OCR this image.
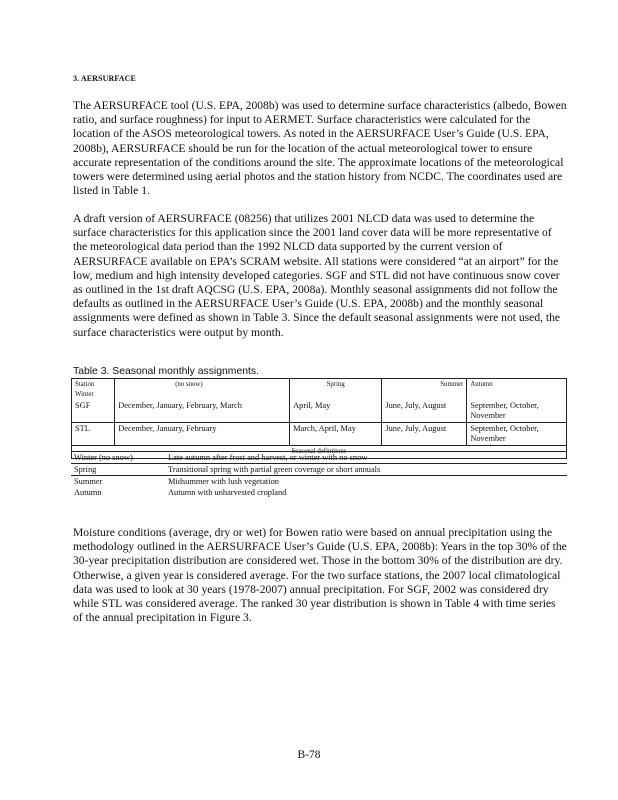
3. AERSURFACE

The AERSURFACE tool (U.S. EPA, 2008b) was used to determine surface characteristics (albedo, Bowen ratio, and surface roughness) for input to AERMET. Surface characteristics were calculated for the location of the ASOS meteorological towers. As noted in the AERSURFACE User’s Guide (U.S. EPA, 2008b), AERSURFACE should be run for the location of the actual meteorological tower to ensure accurate representation of the conditions around the site. The approximate locations of the meteorological towers were determined using aerial photos and the station history from NCDC. The coordinates used are listed in Table 1.

A draft version of AERSURFACE (08256) that utilizes 2001 NLCD data was used to determine the surface characteristics for this application since the 2001 land cover data will be more representative of the meteorological data period than the 1992 NLCD data supported by the current version of AERSURFACE available on EPA’s SCRAM website. All stations were considered “at an airport” for the low, medium and high intensity developed categories. SGF and STL did not have continuous snow cover as outlined in the 1st draft AQCSG (U.S. EPA, 2008a). Monthly seasonal assignments did not follow the defaults as outlined in the AERSURFACE User’s Guide (U.S. EPA, 2008b) and the monthly seasonal assignments were defined as shown in Table 3. Since the default seasonal assignments were not used, the surface characteristics were output by month.

Table 3. Seasonal monthly assignments.
Station Winter	(no snow)	Spring	Summer	Autumn
SGF	December, January, February, March	April, May	June, July, August	September, October, November
STL	December, January, February	March, April, May	June, July, August	September, October, November
Seasonal definitions				
Winter (no snow)	Late autumn after frost and harvest, or winter with no snow
Spring	Transitional spring with partial green coverage or short annuals
Summer	Midsummer with lush vegetation
Autumn	Autumn with unharvested cropland

Moisture conditions (average, dry or wet) for Bowen ratio were based on annual precipitation using the methodology outlined in the AERSURFACE User’s Guide (U.S. EPA, 2008b): Years in the top 30% of the 30-year precipitation distribution are considered wet. Those in the bottom 30% of the distribution are dry. Otherwise, a given year is considered average. For the two surface stations, the 2007 local climatological data was used to look at 30 years (1978-2007) annual precipitation. For SGF, 2002 was considered dry while STL was considered average. The ranked 30 year distribution is shown in Table 4 with time series of the annual precipitation in Figure 3.

B-78
